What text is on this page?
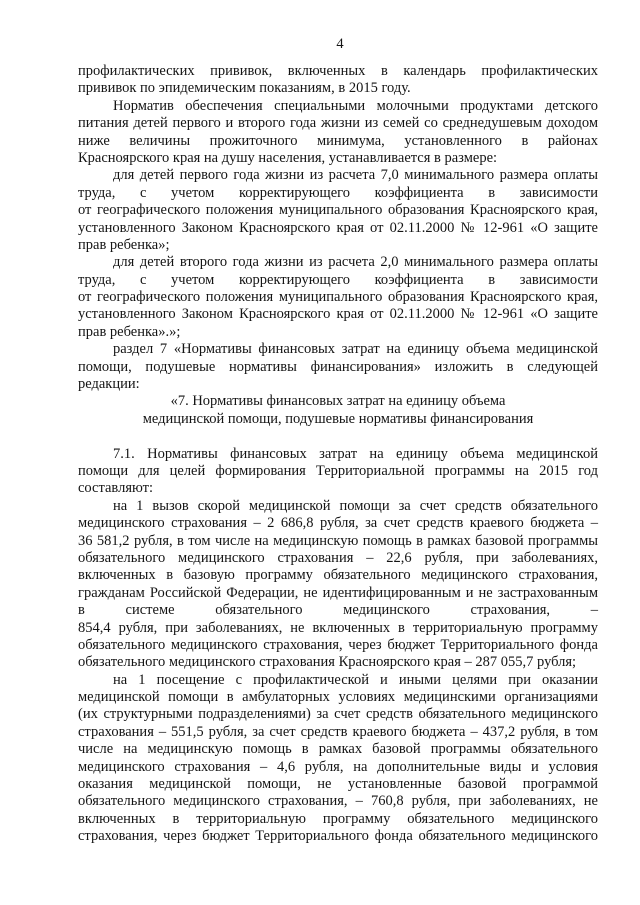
4
профилактических прививок, включенных в календарь профилактических
прививок по эпидемическим показаниям, в 2015 году.
Норматив обеспечения специальными молочными продуктами детского
питания детей первого и второго года жизни из семей со среднедушевым доходом
ниже величины прожиточного минимума, установленного в районах
Красноярского края на душу населения, устанавливается в размере:
для детей первого года жизни из расчета 7,0 минимального размера оплаты
труда, с учетом корректирующего коэффициента в зависимости
от географического положения муниципального образования Красноярского края,
установленного Законом Красноярского края от 02.11.2000 № 12-961 «О защите
прав ребенка»;
для детей второго года жизни из расчета 2,0 минимального размера оплаты
труда, с учетом корректирующего коэффициента в зависимости
от географического положения муниципального образования Красноярского края,
установленного Законом Красноярского края от 02.11.2000 № 12-961 «О защите
прав ребенка».»;
раздел 7 «Нормативы финансовых затрат на единицу объема медицинской
помощи, подушевые нормативы финансирования» изложить в следующей
редакции:
«7. Нормативы финансовых затрат на единицу объема
медицинской помощи, подушевые нормативы финансирования
7.1. Нормативы финансовых затрат на единицу объема медицинской
помощи для целей формирования Территориальной программы на 2015 год
составляют:
на 1 вызов скорой медицинской помощи за счет средств обязательного
медицинского страхования – 2 686,8 рубля, за счет средств краевого бюджета –
36 581,2 рубля, в том числе на медицинскую помощь в рамках базовой программы
обязательного медицинского страхования – 22,6 рубля, при заболеваниях,
включенных в базовую программу обязательного медицинского страхования,
гражданам Российской Федерации, не идентифицированным и не застрахованным
в системе обязательного медицинского страхования, –
854,4 рубля, при заболеваниях, не включенных в территориальную программу
обязательного медицинского страхования, через бюджет Территориального фонда
обязательного медицинского страхования Красноярского края – 287 055,7 рубля;
на 1 посещение с профилактической и иными целями при оказании
медицинской помощи в амбулаторных условиях медицинскими организациями
(их структурными подразделениями) за счет средств обязательного медицинского
страхования – 551,5 рубля, за счет средств краевого бюджета – 437,2 рубля, в том
числе на медицинскую помощь в рамках базовой программы обязательного
медицинского страхования – 4,6 рубля, на дополнительные виды и условия
оказания медицинской помощи, не установленные базовой программой
обязательного медицинского страхования, – 760,8 рубля, при заболеваниях, не
включенных в территориальную программу обязательного медицинского
страхования, через бюджет Территориального фонда обязательного медицинского
